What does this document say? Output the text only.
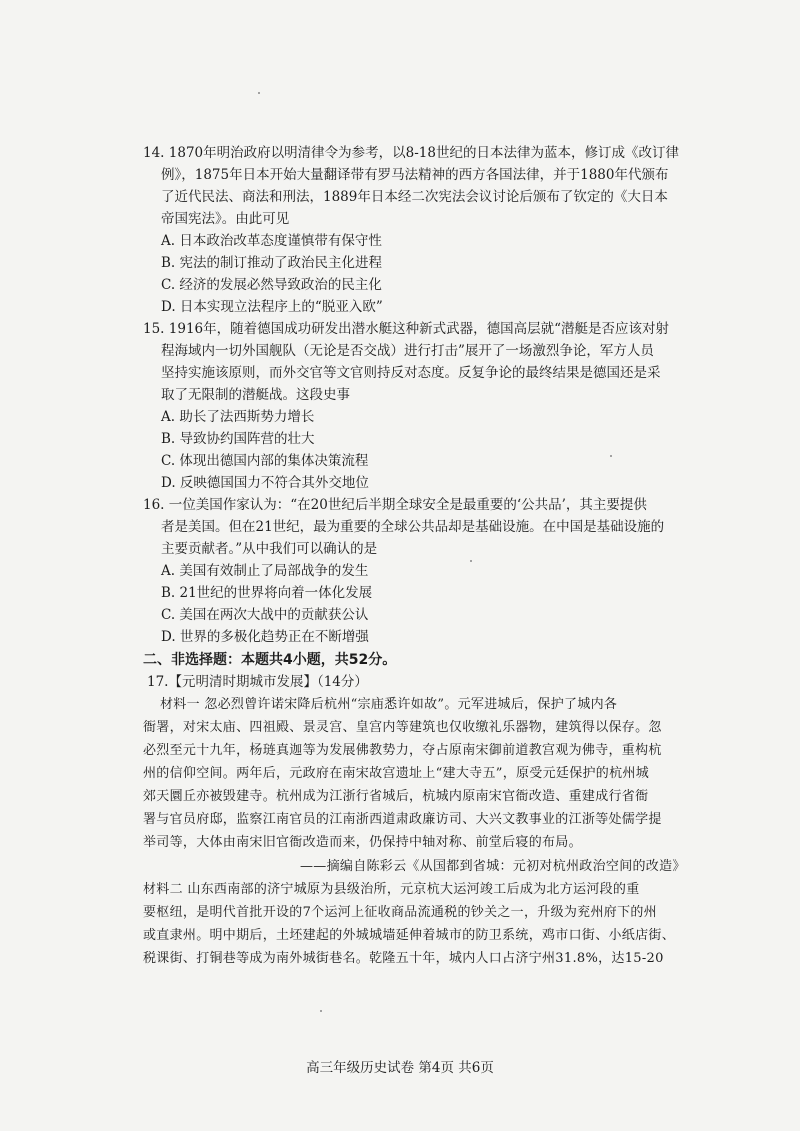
14. 1870年明治政府以明清律令为参考，以8-18世纪的日本法律为蓝本，修订成《改订律
例》，1875年日本开始大量翻译带有罗马法精神的西方各国法律，并于1880年代颁布
了近代民法、商法和刑法，1889年日本经二次宪法会议讨论后颁布了钦定的《大日本
帝国宪法》。由此可见
A. 日本政治改革态度谨慎带有保守性
B. 宪法的制订推动了政治民主化进程
C. 经济的发展必然导致政治的民主化
D. 日本实现立法程序上的“脱亚入欧”
15. 1916年，随着德国成功研发出潜水艇这种新式武器，德国高层就“潜艇是否应该对射
程海域内一切外国舰队（无论是否交战）进行打击”展开了一场激烈争论，军方人员
坚持实施该原则，而外交官等文官则持反对态度。反复争论的最终结果是德国还是采
取了无限制的潜艇战。这段史事
A. 助长了法西斯势力增长
B. 导致协约国阵营的壮大
C. 体现出德国内部的集体决策流程
D. 反映德国国力不符合其外交地位
16. 一位美国作家认为：“在20世纪后半期全球安全是最重要的‘公共品’，其主要提供
者是美国。但在21世纪，最为重要的全球公共品却是基础设施。在中国是基础设施的
主要贡献者。”从中我们可以确认的是
A. 美国有效制止了局部战争的发生
B. 21世纪的世界将向着一体化发展
C. 美国在两次大战中的贡献获公认
D. 世界的多极化趋势正在不断增强
二、非选择题：本题共4小题，共52分。
17.【元明清时期城市发展】（14分）
材料一 忽必烈曾许诺宋降后杭州“宗庙悉许如故”。元军进城后，保护了城内各
衙署，对宋太庙、四祖殿、景灵宫、皇宫内等建筑也仅收缴礼乐器物，建筑得以保存。忽
必烈至元十九年，杨琏真迦等为发展佛教势力，夺占原南宋御前道教宫观为佛寺，重构杭
州的信仰空间。两年后，元政府在南宋故宫遗址上“建大寺五”，原受元廷保护的杭州城
郊天圜丘亦被毁建寺。杭州成为江浙行省城后，杭城内原南宋官衙改造、重建成行省衙
署与官员府邸，监察江南官员的江南浙西道肃政廉访司、大兴文教事业的江浙等处儒学提
举司等，大体由南宋旧官衙改造而来，仍保持中轴对称、前堂后寝的布局。
——摘编自陈彩云《从国都到省城：元初对杭州政治空间的改造》
材料二 山东西南部的济宁城原为县级治所，元京杭大运河竣工后成为北方运河段的重
要枢纽，是明代首批开设的7个运河上征收商品流通税的钞关之一，升级为兖州府下的州
或直隶州。明中期后，土坯建起的外城城墙延伸着城市的防卫系统，鸡市口街、小纸店街、
税课街、打铜巷等成为南外城街巷名。乾隆五十年，城内人口占济宁州31.8%，达15-20
高三年级历史试卷 第4页 共6页
